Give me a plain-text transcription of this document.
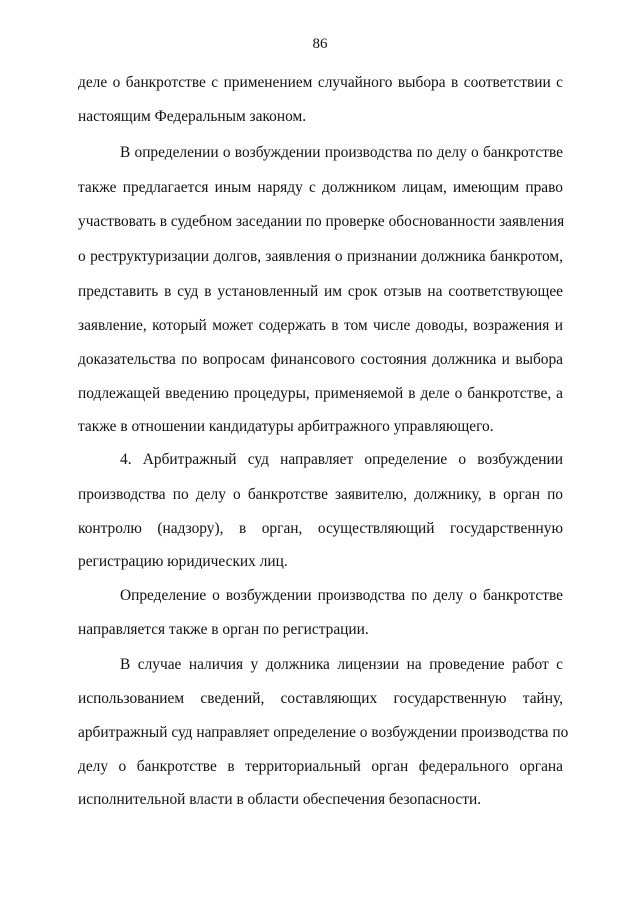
86
деле о банкротстве с применением случайного выбора в соответствии с
настоящим Федеральным законом.
В определении о возбуждении производства по делу о банкротстве
также предлагается иным наряду с должником лицам, имеющим право
участвовать в судебном заседании по проверке обоснованности заявления
о реструктуризации долгов, заявления о признании должника банкротом,
представить в суд в установленный им срок отзыв на соответствующее
заявление, который может содержать в том числе доводы, возражения и
доказательства по вопросам финансового состояния должника и выбора
подлежащей введению процедуры, применяемой в деле о банкротстве, а
также в отношении кандидатуры арбитражного управляющего.
4. Арбитражный суд направляет определение о возбуждении
производства по делу о банкротстве заявителю, должнику, в орган по
контролю (надзору), в орган, осуществляющий государственную
регистрацию юридических лиц.
Определение о возбуждении производства по делу о банкротстве
направляется также в орган по регистрации.
В случае наличия у должника лицензии на проведение работ с
использованием сведений, составляющих государственную тайну,
арбитражный суд направляет определение о возбуждении производства по
делу о банкротстве в территориальный орган федерального органа
исполнительной власти в области обеспечения безопасности.
